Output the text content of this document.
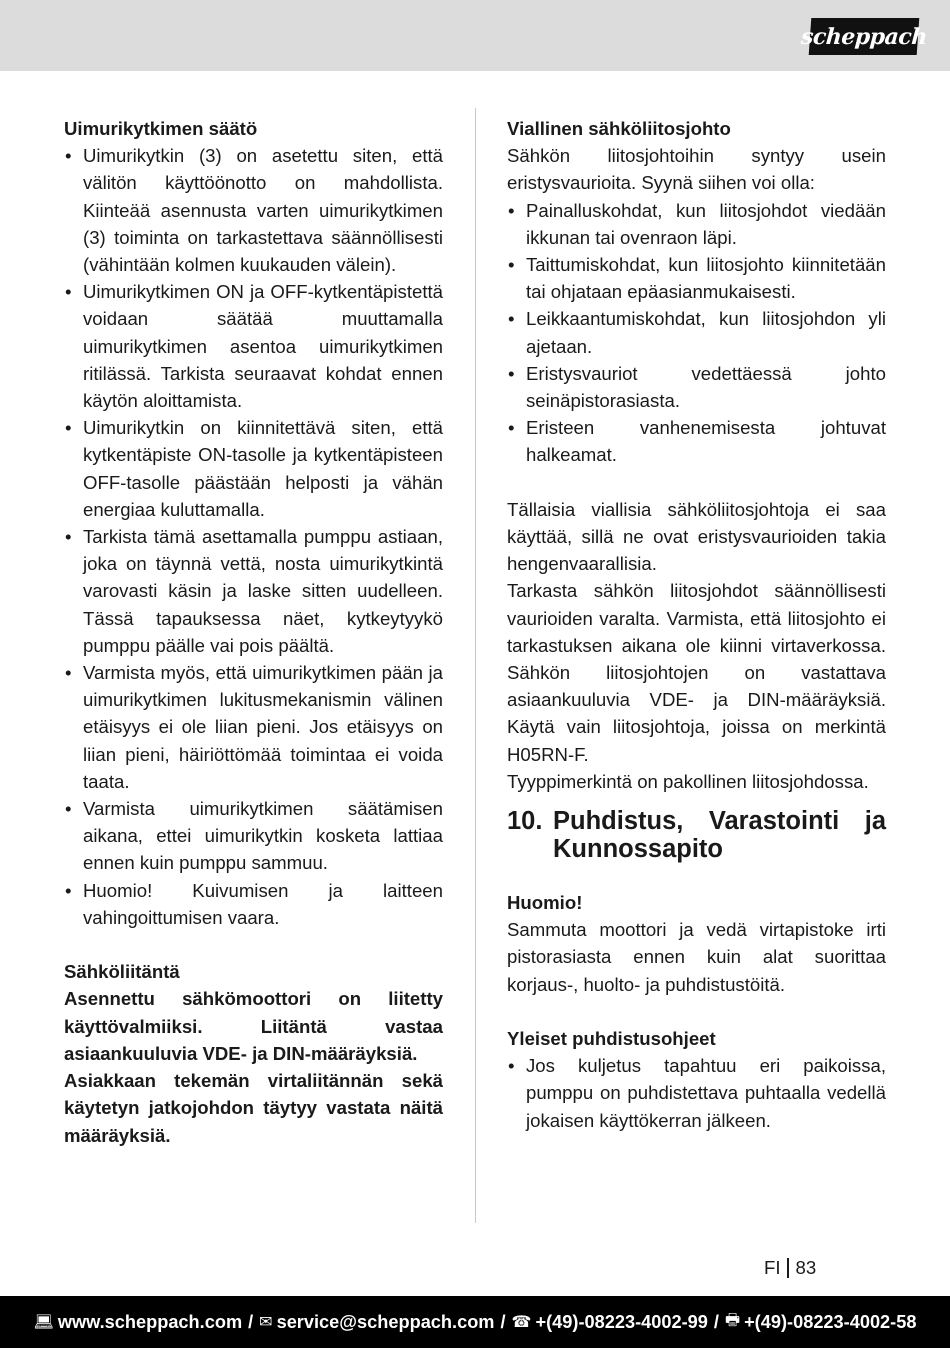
scheppach
Uimurikytkimen säätö
• Uimurikytkin (3) on asetettu siten, että välitön käyttöönotto on mahdollista. Kiinteää asennusta varten uimurikytkimen (3) toiminta on tarkastettava säännöllisesti (vähintään kolmen kuukauden välein).
• Uimurikytkimen ON ja OFF-kytkentäpistettä voidaan säätää muuttamalla uimurikytkimen asentoa uimurikytkimen ritilässä. Tarkista seuraavat kohdat ennen käytön aloittamista.
• Uimurikytkin on kiinnitettävä siten, että kytkentäpiste ON-tasolle ja kytkentäpisteen OFF-tasolle päästään helposti ja vähän energiaa kuluttamalla.
• Tarkista tämä asettamalla pumppu astiaan, joka on täynnä vettä, nosta uimurikytkintä varovasti käsin ja laske sitten uudelleen. Tässä tapauksessa näet, kytkeytyykö pumppu päälle vai pois päältä.
• Varmista myös, että uimurikytkimen pään ja uimurikytkimen lukitusmekanismin välinen etäisyys ei ole liian pieni. Jos etäisyys on liian pieni, häiriöttömää toimintaa ei voida taata.
• Varmista uimurikytkimen säätämisen aikana, ettei uimurikytkin kosketa lattiaa ennen kuin pumppu sammuu.
• Huomio! Kuivumisen ja laitteen vahingoittumisen vaara.
Sähköliitäntä
Asennettu sähkömoottori on liitetty käyttövalmiiksi. Liitäntä vastaa asiaankuuluvia VDE- ja DIN-määräyksiä.
Asiakkaan tekemän virtaliitännän sekä käytetyn jatkojohdon täytyy vastata näitä määräyksiä.
Viallinen sähköliitosjohto
Sähkön liitosjohtoihin syntyy usein eristysvaurioita. Syynä siihen voi olla:
• Painalluskohdat, kun liitosjohdot viedään ikkunan tai ovenraon läpi.
• Taittumiskohdat, kun liitosjohto kiinnitetään tai ohjataan epäasianmukaisesti.
• Leikkaantumiskohdat, kun liitosjohdon yli ajetaan.
• Eristysvauriot vedettäessä johto seinäpistorasiasta.
• Eristeen vanhenemisesta johtuvat halkeamat.
Tällaisia viallisia sähköliitosjohtoja ei saa käyttää, sillä ne ovat eristysvaurioiden takia hengenvaarallisia.
Tarkasta sähkön liitosjohdot säännöllisesti vaurioiden varalta. Varmista, että liitosjohto ei tarkastuksen aikana ole kiinni virtaverkossa. Sähkön liitosjohtojen on vastattava asiaankuuluvia VDE- ja DIN-määräyksiä. Käytä vain liitosjohtoja, joissa on merkintä H05RN-F.
Tyyppimerkintä on pakollinen liitosjohdossa.
10. Puhdistus, Varastointi ja Kunnossapito
Huomio!
Sammuta moottori ja vedä virtapistoke irti pistorasiasta ennen kuin alat suorittaa korjaus-, huolto- ja puhdistustöitä.
Yleiset puhdistusohjeet
• Jos kuljetus tapahtuu eri paikoissa, pumppu on puhdistettava puhtaalla vedellä jokaisen käyttökerran jälkeen.
FI 83
💻︎ www.scheppach.com / ✉︎ service@scheppach.com / ☎︎ +(49)-08223-4002-99 / 🖶︎ +(49)-08223-4002-58
